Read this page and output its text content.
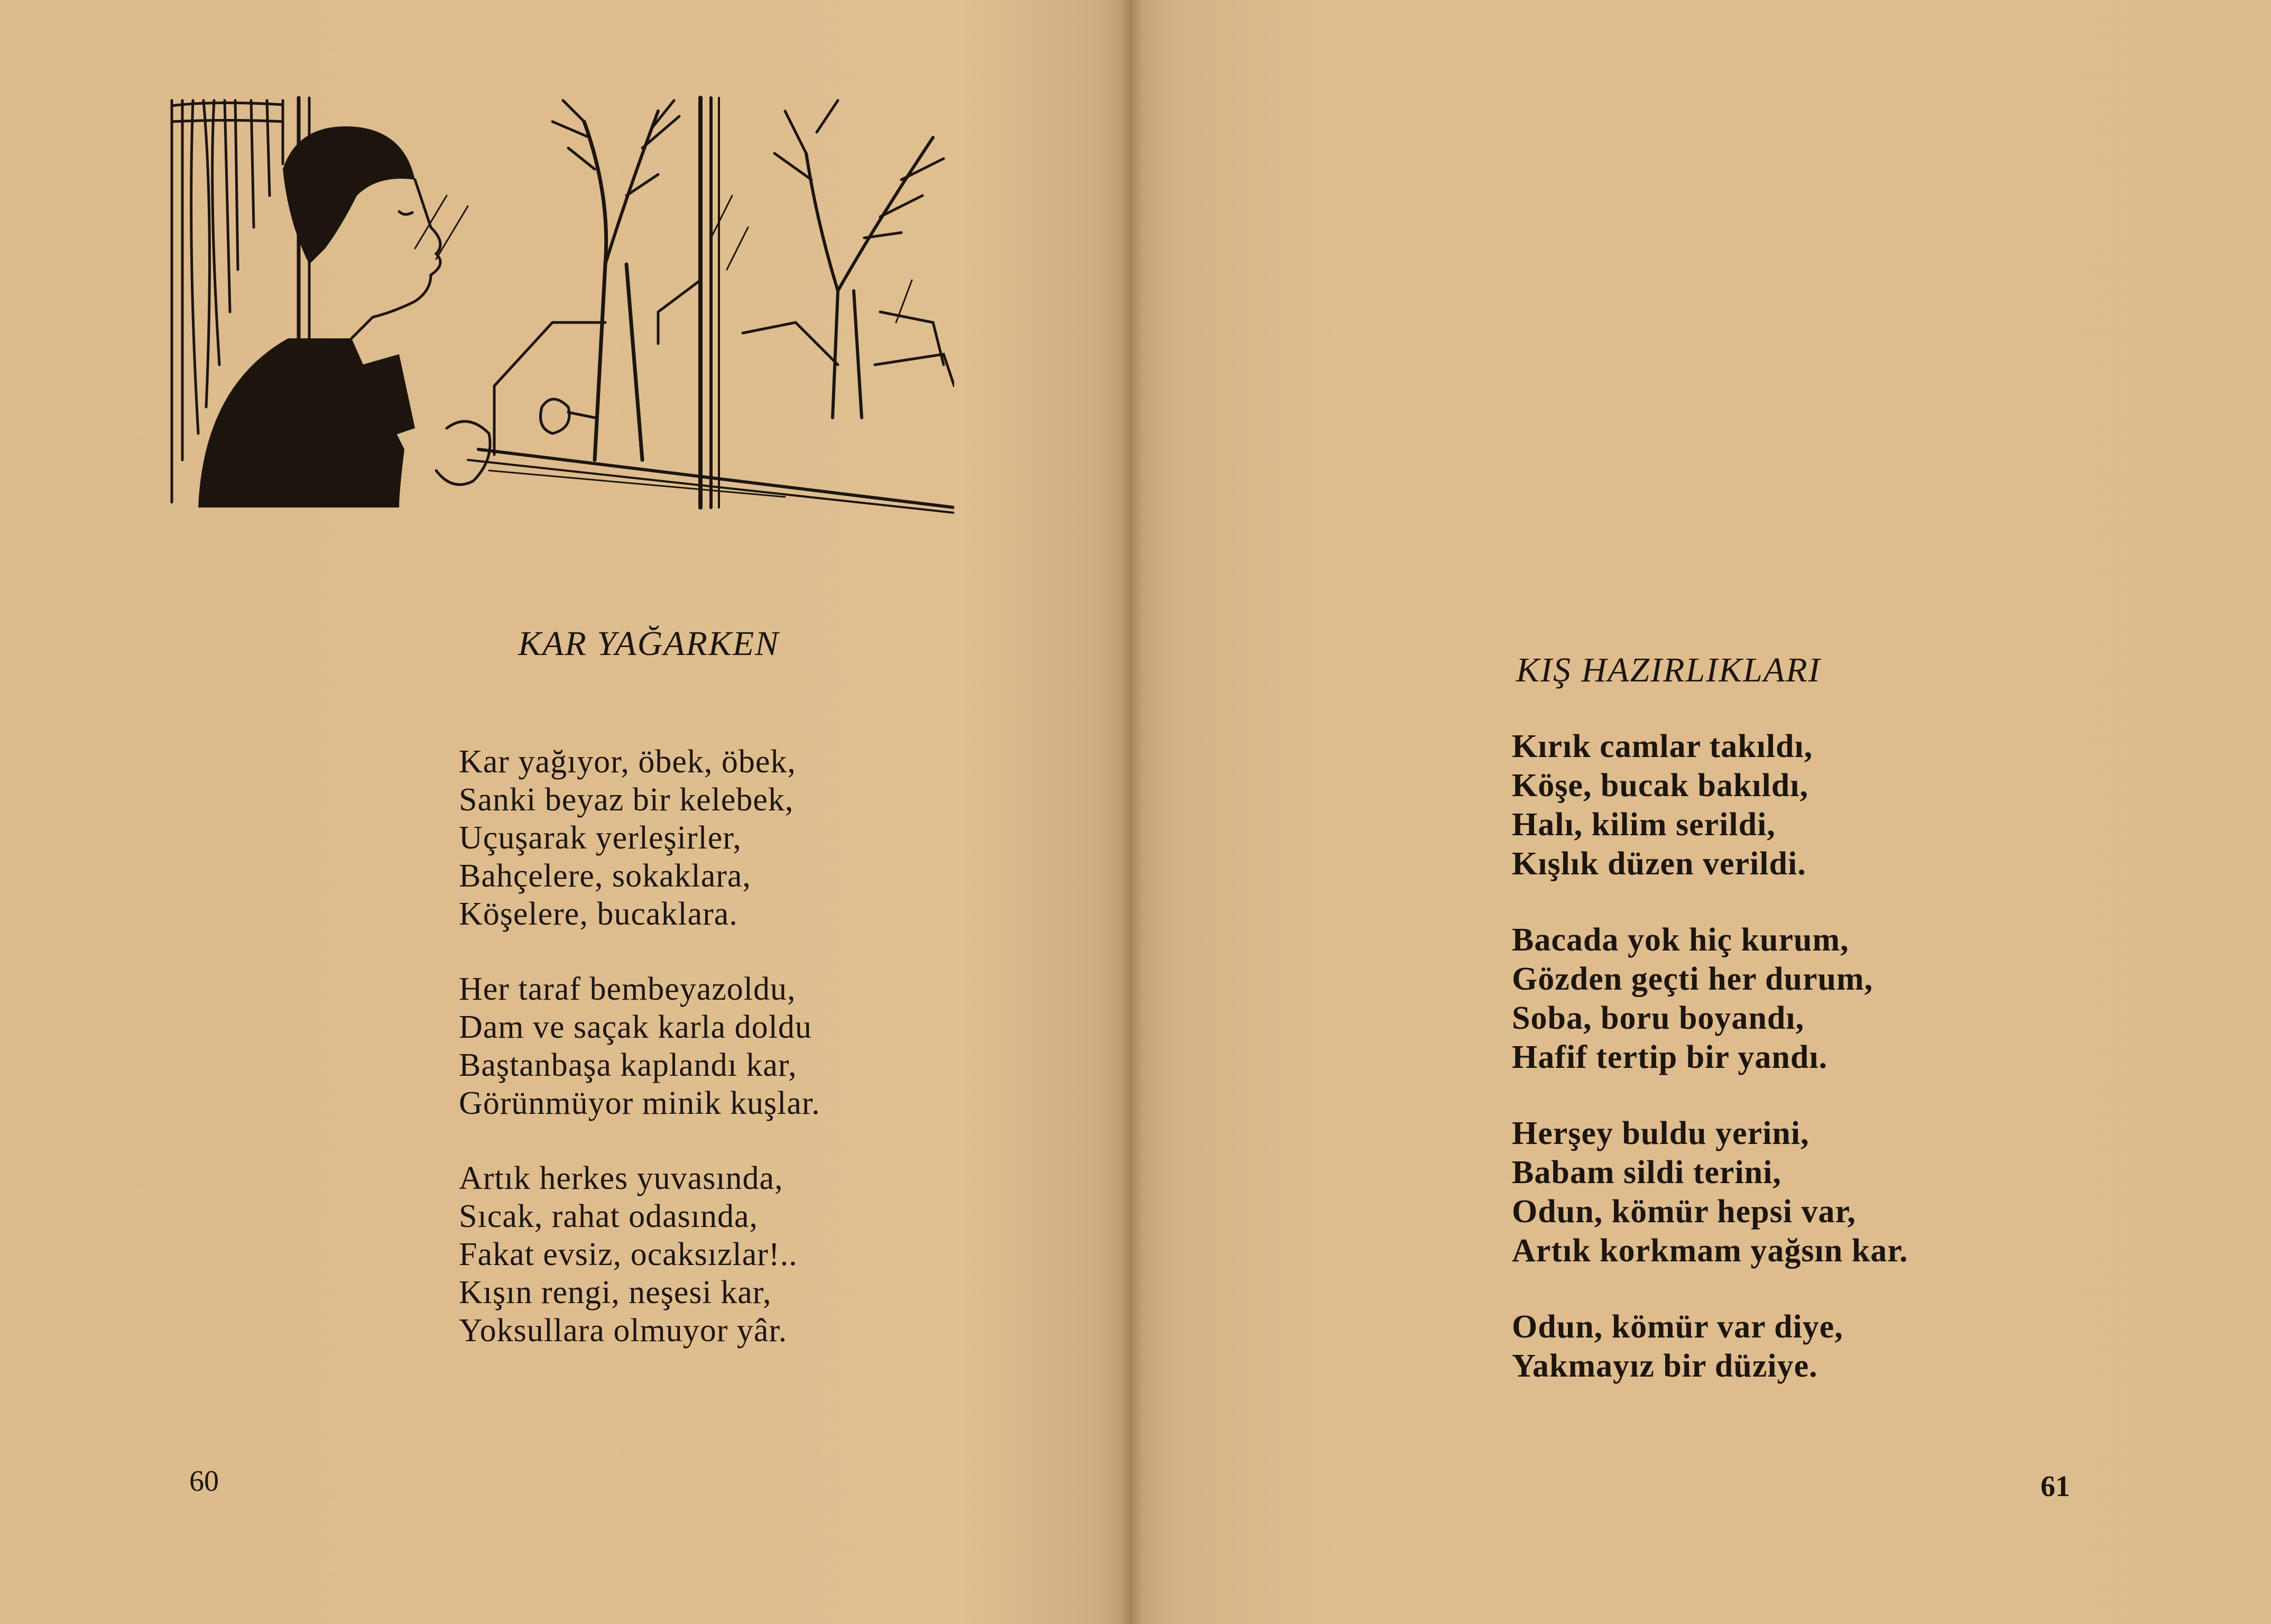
KAR YAĞARKEN
Kar yağıyor, öbek, öbek,
Sanki beyaz bir kelebek,
Uçuşarak yerleşirler,
Bahçelere, sokaklara,
Köşelere, bucaklara.
Her taraf bembeyazoldu,
Dam ve saçak karla doldu
Baştanbaşa kaplandı kar,
Görünmüyor minik kuşlar.
Artık herkes yuvasında,
Sıcak, rahat odasında,
Fakat evsiz, ocaksızlar!..
Kışın rengi, neşesi kar,
Yoksullara olmuyor yâr.
60
KIŞ HAZIRLIKLARI
Kırık camlar takıldı,
Köşe, bucak bakıldı,
Halı, kilim serildi,
Kışlık düzen verildi.
Bacada yok hiç kurum,
Gözden geçti her durum,
Soba, boru boyandı,
Hafif tertip bir yandı.
Herşey buldu yerini,
Babam sildi terini,
Odun, kömür hepsi var,
Artık korkmam yağsın kar.
Odun, kömür var diye,
Yakmayız bir düziye.
61
